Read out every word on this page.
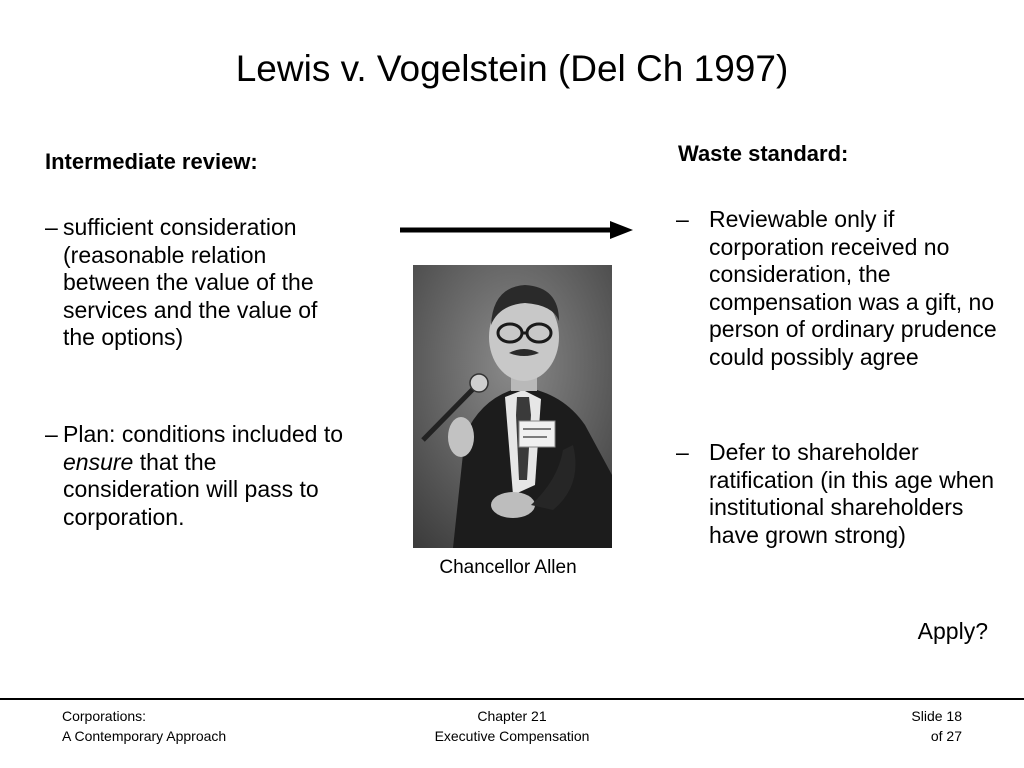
Lewis v. Vogelstein (Del Ch 1997)
Intermediate review:
– sufficient consideration (reasonable relation between the value of the services and the value of the options)
– Plan: conditions included to ensure that the consideration will pass to corporation.
Chancellor Allen
Waste standard:
– Reviewable only if corporation received no consideration, the compensation was a gift, no person of ordinary prudence could possibly agree
– Defer to shareholder ratification (in this age when institutional shareholders have grown strong)
Apply?
Corporations:
A Contemporary Approach
Chapter 21
Executive Compensation
Slide 18
of 27
